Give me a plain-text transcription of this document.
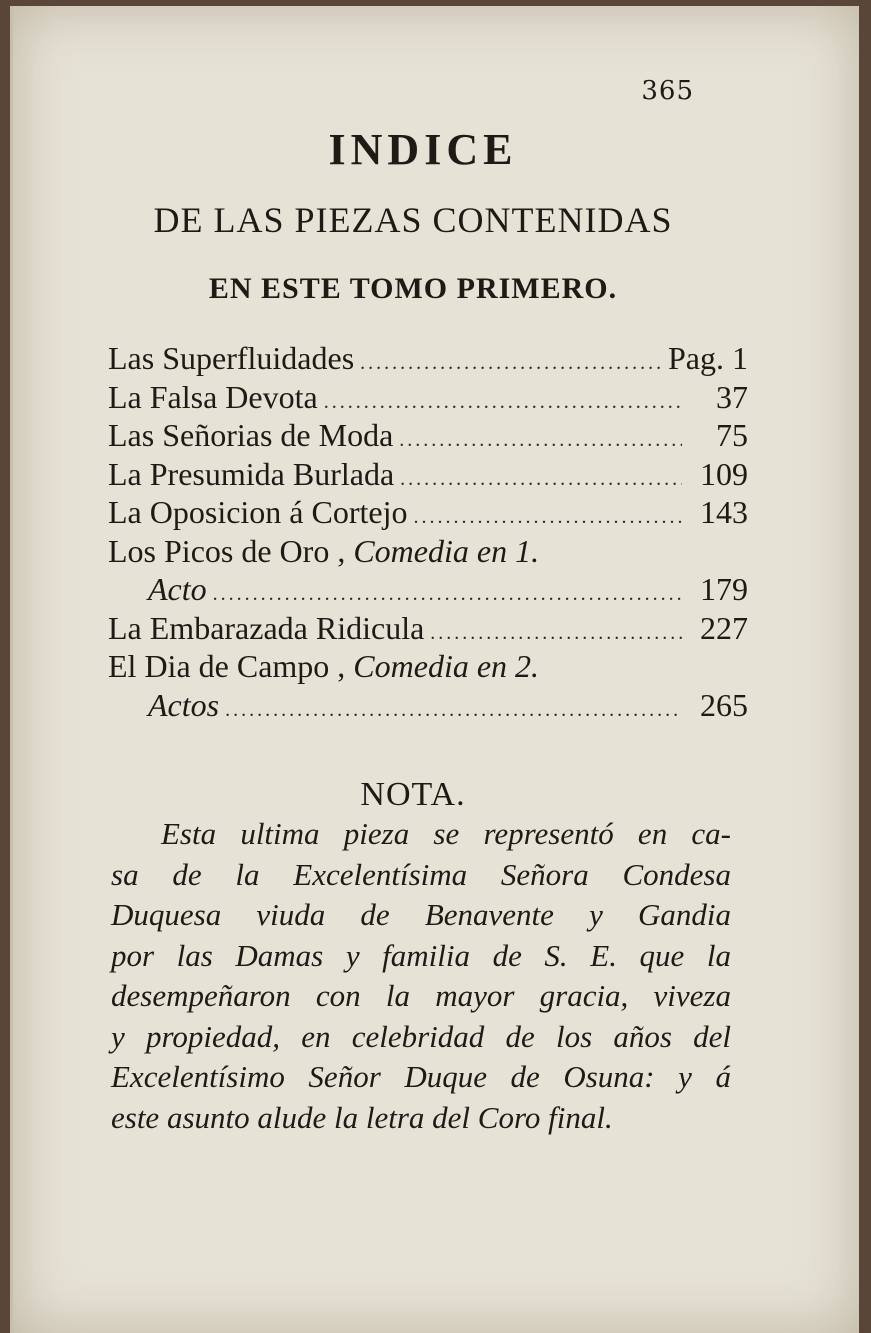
365
INDICE
DE LAS PIEZAS CONTENIDAS
EN ESTE TOMO PRIMERO.
Las Superfluidades .....	Pag. 1
La Falsa Devota .....	37
Las Señorias de Moda .....	75
La Presumida Burlada .....	109
La Oposicion á Cortejo .....	143
Los Picos de Oro , Comedia en 1.
Acto .....	179
La Embarazada Ridicula .....	227
El Dia de Campo , Comedia en 2.
Actos .....	265
NOTA.
Esta ultima pieza se representó en ca-
sa de la Excelentísima Señora Condesa
Duquesa viuda de Benavente y Gandia
por las Damas y familia de S. E. que la
desempeñaron con la mayor gracia, viveza
y propiedad, en celebridad de los años del
Excelentísimo Señor Duque de Osuna: y á
este asunto alude la letra del Coro final.
